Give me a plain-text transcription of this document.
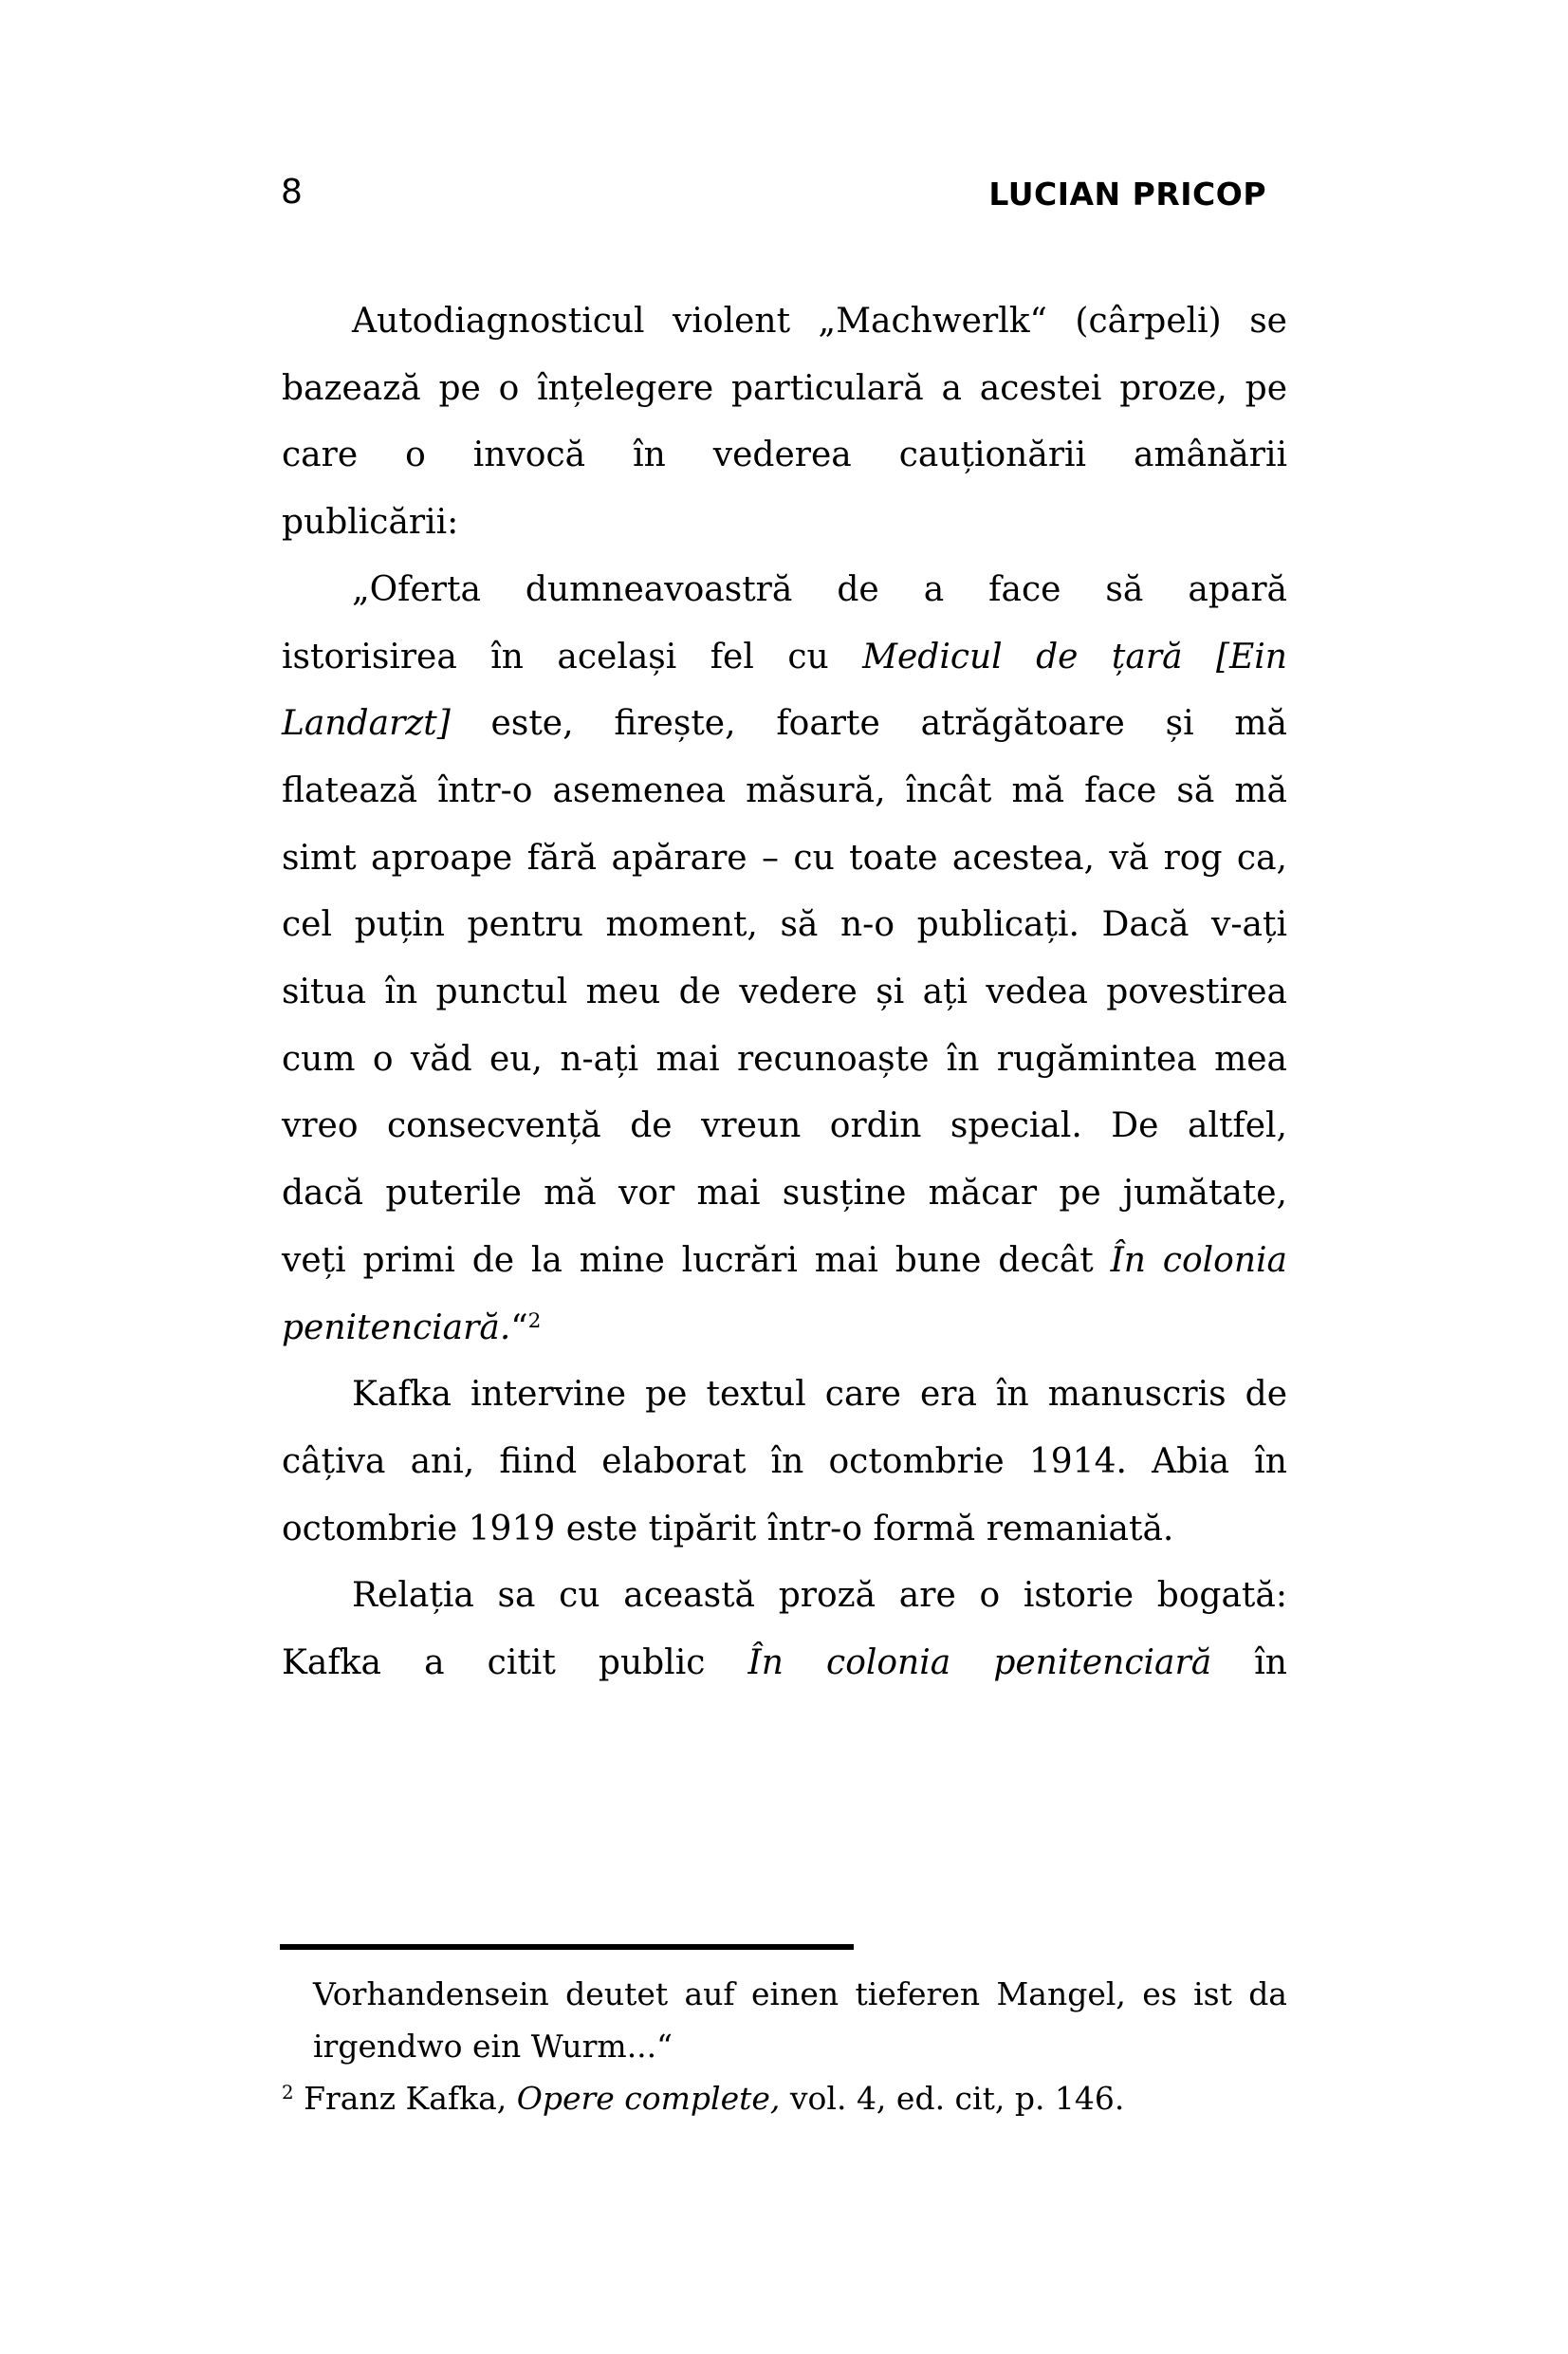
8	LUCIAN PRICOP
Autodiagnosticul violent „Machwerlk“ (cârpeli) se
bazează pe o înțelegere particulară a acestei proze, pe
care o invocă în vederea cauționării amânării
publicării:
„Oferta dumneavoastră de a face să apară
istorisirea în același fel cu Medicul de țară [Ein
Landarzt] este, firește, foarte atrăgătoare și mă
flatează într-o asemenea măsură, încât mă face să mă
simt aproape fără apărare – cu toate acestea, vă rog ca,
cel puțin pentru moment, să n-o publicați. Dacă v-ați
situa în punctul meu de vedere și ați vedea povestirea
cum o văd eu, n-ați mai recunoaște în rugămintea mea
vreo consecvență de vreun ordin special. De altfel,
dacă puterile mă vor mai susține măcar pe jumătate,
veți primi de la mine lucrări mai bune decât În colonia
penitenciară.“$^2$
Kafka intervine pe textul care era în manuscris de
câțiva ani, fiind elaborat în octombrie 1914. Abia în
octombrie 1919 este tipărit într-o formă remaniată.
Relația sa cu această proză are o istorie bogată:
Kafka a citit public În colonia penitenciară în
Vorhandensein deutet auf einen tieferen Mangel, es ist da
irgendwo ein Wurm...“
$^2$ Franz Kafka, Opere complete, vol. 4, ed. cit, p. 146.
